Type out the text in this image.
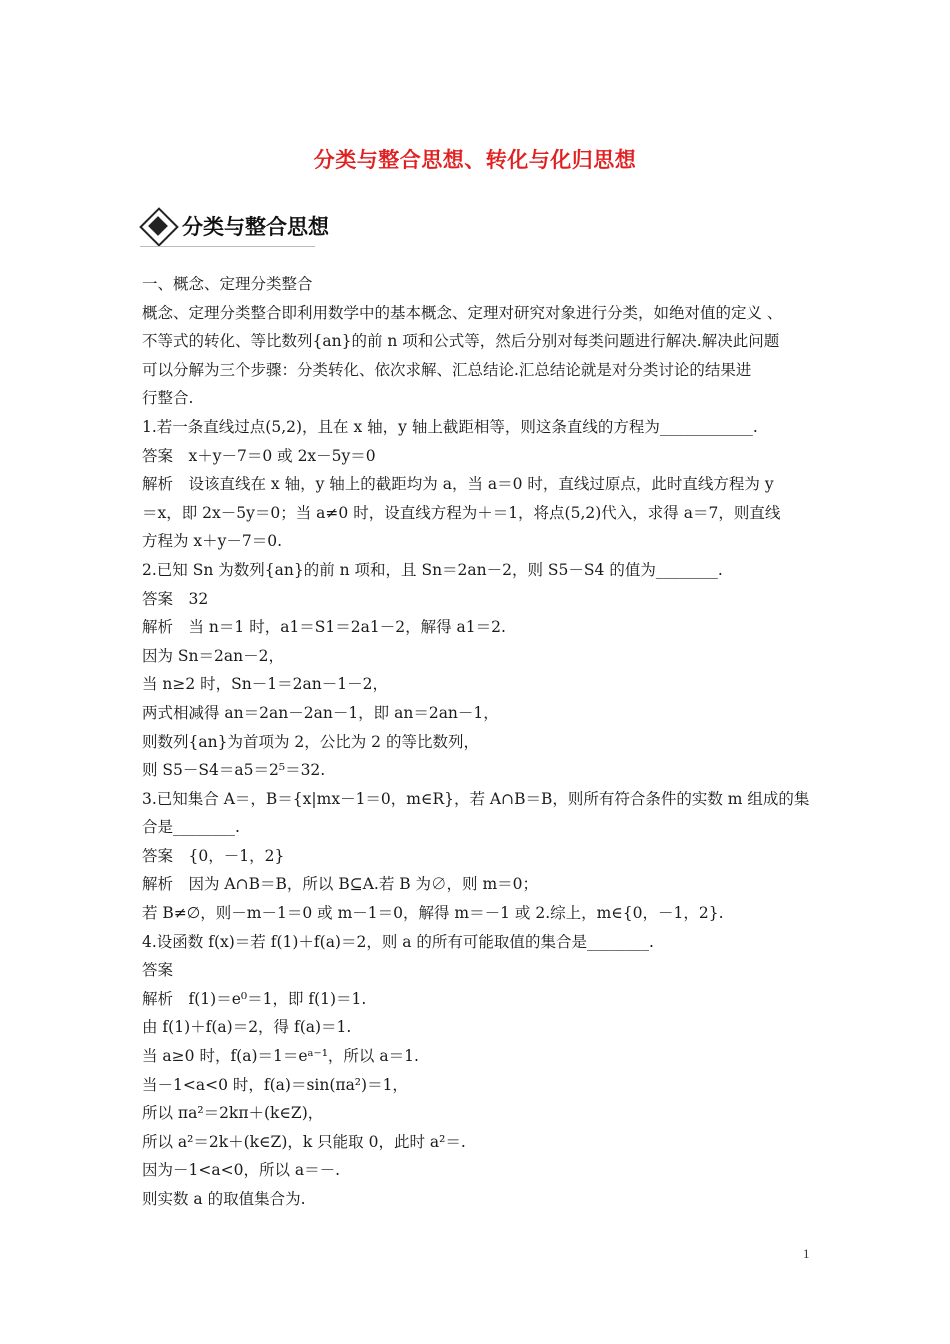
分类与整合思想、转化与化归思想
分类与整合思想
一、概念、定理分类整合
概念、定理分类整合即利用数学中的基本概念、定理对研究对象进行分类，如绝对值的定义 、
不等式的转化、等比数列{an}的前 n 项和公式等，然后分别对每类问题进行解决.解决此问题
可以分解为三个步骤：分类转化、依次求解、汇总结论.汇总结论就是对分类讨论的结果进
行整合.
1.若一条直线过点(5,2)，且在 x 轴，y 轴上截距相等，则这条直线的方程为____________.
答案　x＋y－7＝0 或 2x－5y＝0
解析　设该直线在 x 轴，y 轴上的截距均为 a，当 a＝0 时，直线过原点，此时直线方程为 y
＝x，即 2x－5y＝0；当 a≠0 时，设直线方程为＋＝1，将点(5,2)代入，求得 a＝7，则直线
方程为 x＋y－7＝0.
2.已知 Sn 为数列{an}的前 n 项和，且 Sn＝2an－2，则 S5－S4 的值为________.
答案　32
解析　当 n＝1 时，a1＝S1＝2a1－2，解得 a1＝2.
因为 Sn＝2an－2，
当 n≥2 时，Sn－1＝2an－1－2，
两式相减得 an＝2an－2an－1，即 an＝2an－1，
则数列{an}为首项为 2，公比为 2 的等比数列，
则 S5－S4＝a5＝2⁵＝32.
3.已知集合 A＝，B＝{x|mx－1＝0，m∈R}，若 A∩B＝B，则所有符合条件的实数 m 组成的集
合是________.
答案　{0，－1，2}
解析　因为 A∩B＝B，所以 B⊆A.若 B 为∅，则 m＝0；
若 B≠∅，则－m－1＝0 或 m－1＝0，解得 m＝－1 或 2.综上，m∈{0，－1，2}.
4.设函数 f(x)＝若 f(1)＋f(a)＝2，则 a 的所有可能取值的集合是________.
答案
解析　f(1)＝e⁰＝1，即 f(1)＝1.
由 f(1)＋f(a)＝2，得 f(a)＝1.
当 a≥0 时，f(a)＝1＝eᵃ⁻¹，所以 a＝1.
当－1<a<0 时，f(a)＝sin(πa²)＝1，
所以 πa²＝2kπ＋(k∈Z)，
所以 a²＝2k＋(k∈Z)，k 只能取 0，此时 a²＝.
因为－1<a<0，所以 a＝－.
则实数 a 的取值集合为.
1
